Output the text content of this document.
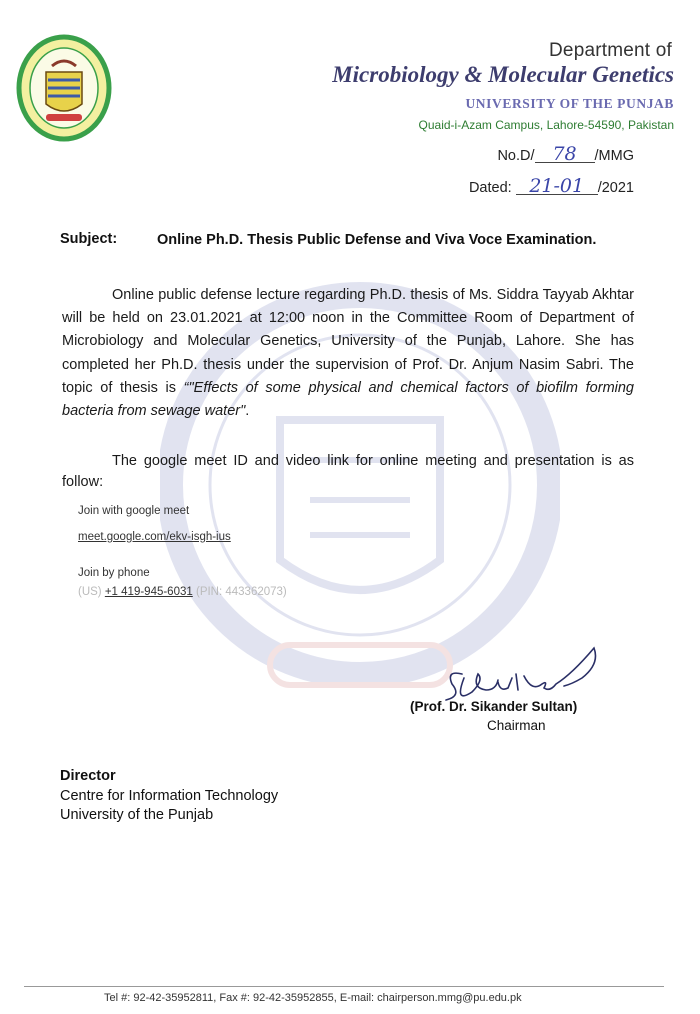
Department of
Microbiology & Molecular Genetics
UNIVERSITY OF THE PUNJAB
Quaid-i-Azam Campus, Lahore-54590, Pakistan
No.D/ 78 /MMG
Dated: 21-01 /2021
Subject:	Online Ph.D. Thesis Public Defense and Viva Voce Examination.

Online public defense lecture regarding Ph.D. thesis of Ms. Siddra Tayyab Akhtar will be held on 23.01.2021 at 12:00 noon in the Committee Room of Department of Microbiology and Molecular Genetics, University of the Punjab, Lahore. She has completed her Ph.D. thesis under the supervision of Prof. Dr. Anjum Nasim Sabri. The topic of thesis is “"Effects of some physical and chemical factors of biofilm forming bacteria from sewage water".

The google meet ID and video link for online meeting and presentation is as follow:

Join with google meet
meet.google.com/ekv-isgh-ius
Join by phone
(US) +1 419-945-6031 (PIN: 443362073)
(Prof. Dr. Sikander Sultan)
Chairman
Director
Centre for Information Technology
University of the Punjab
Tel #: 92-42-35952811, Fax #: 92-42-35952855, E-mail: chairperson.mmg@pu.edu.pk
